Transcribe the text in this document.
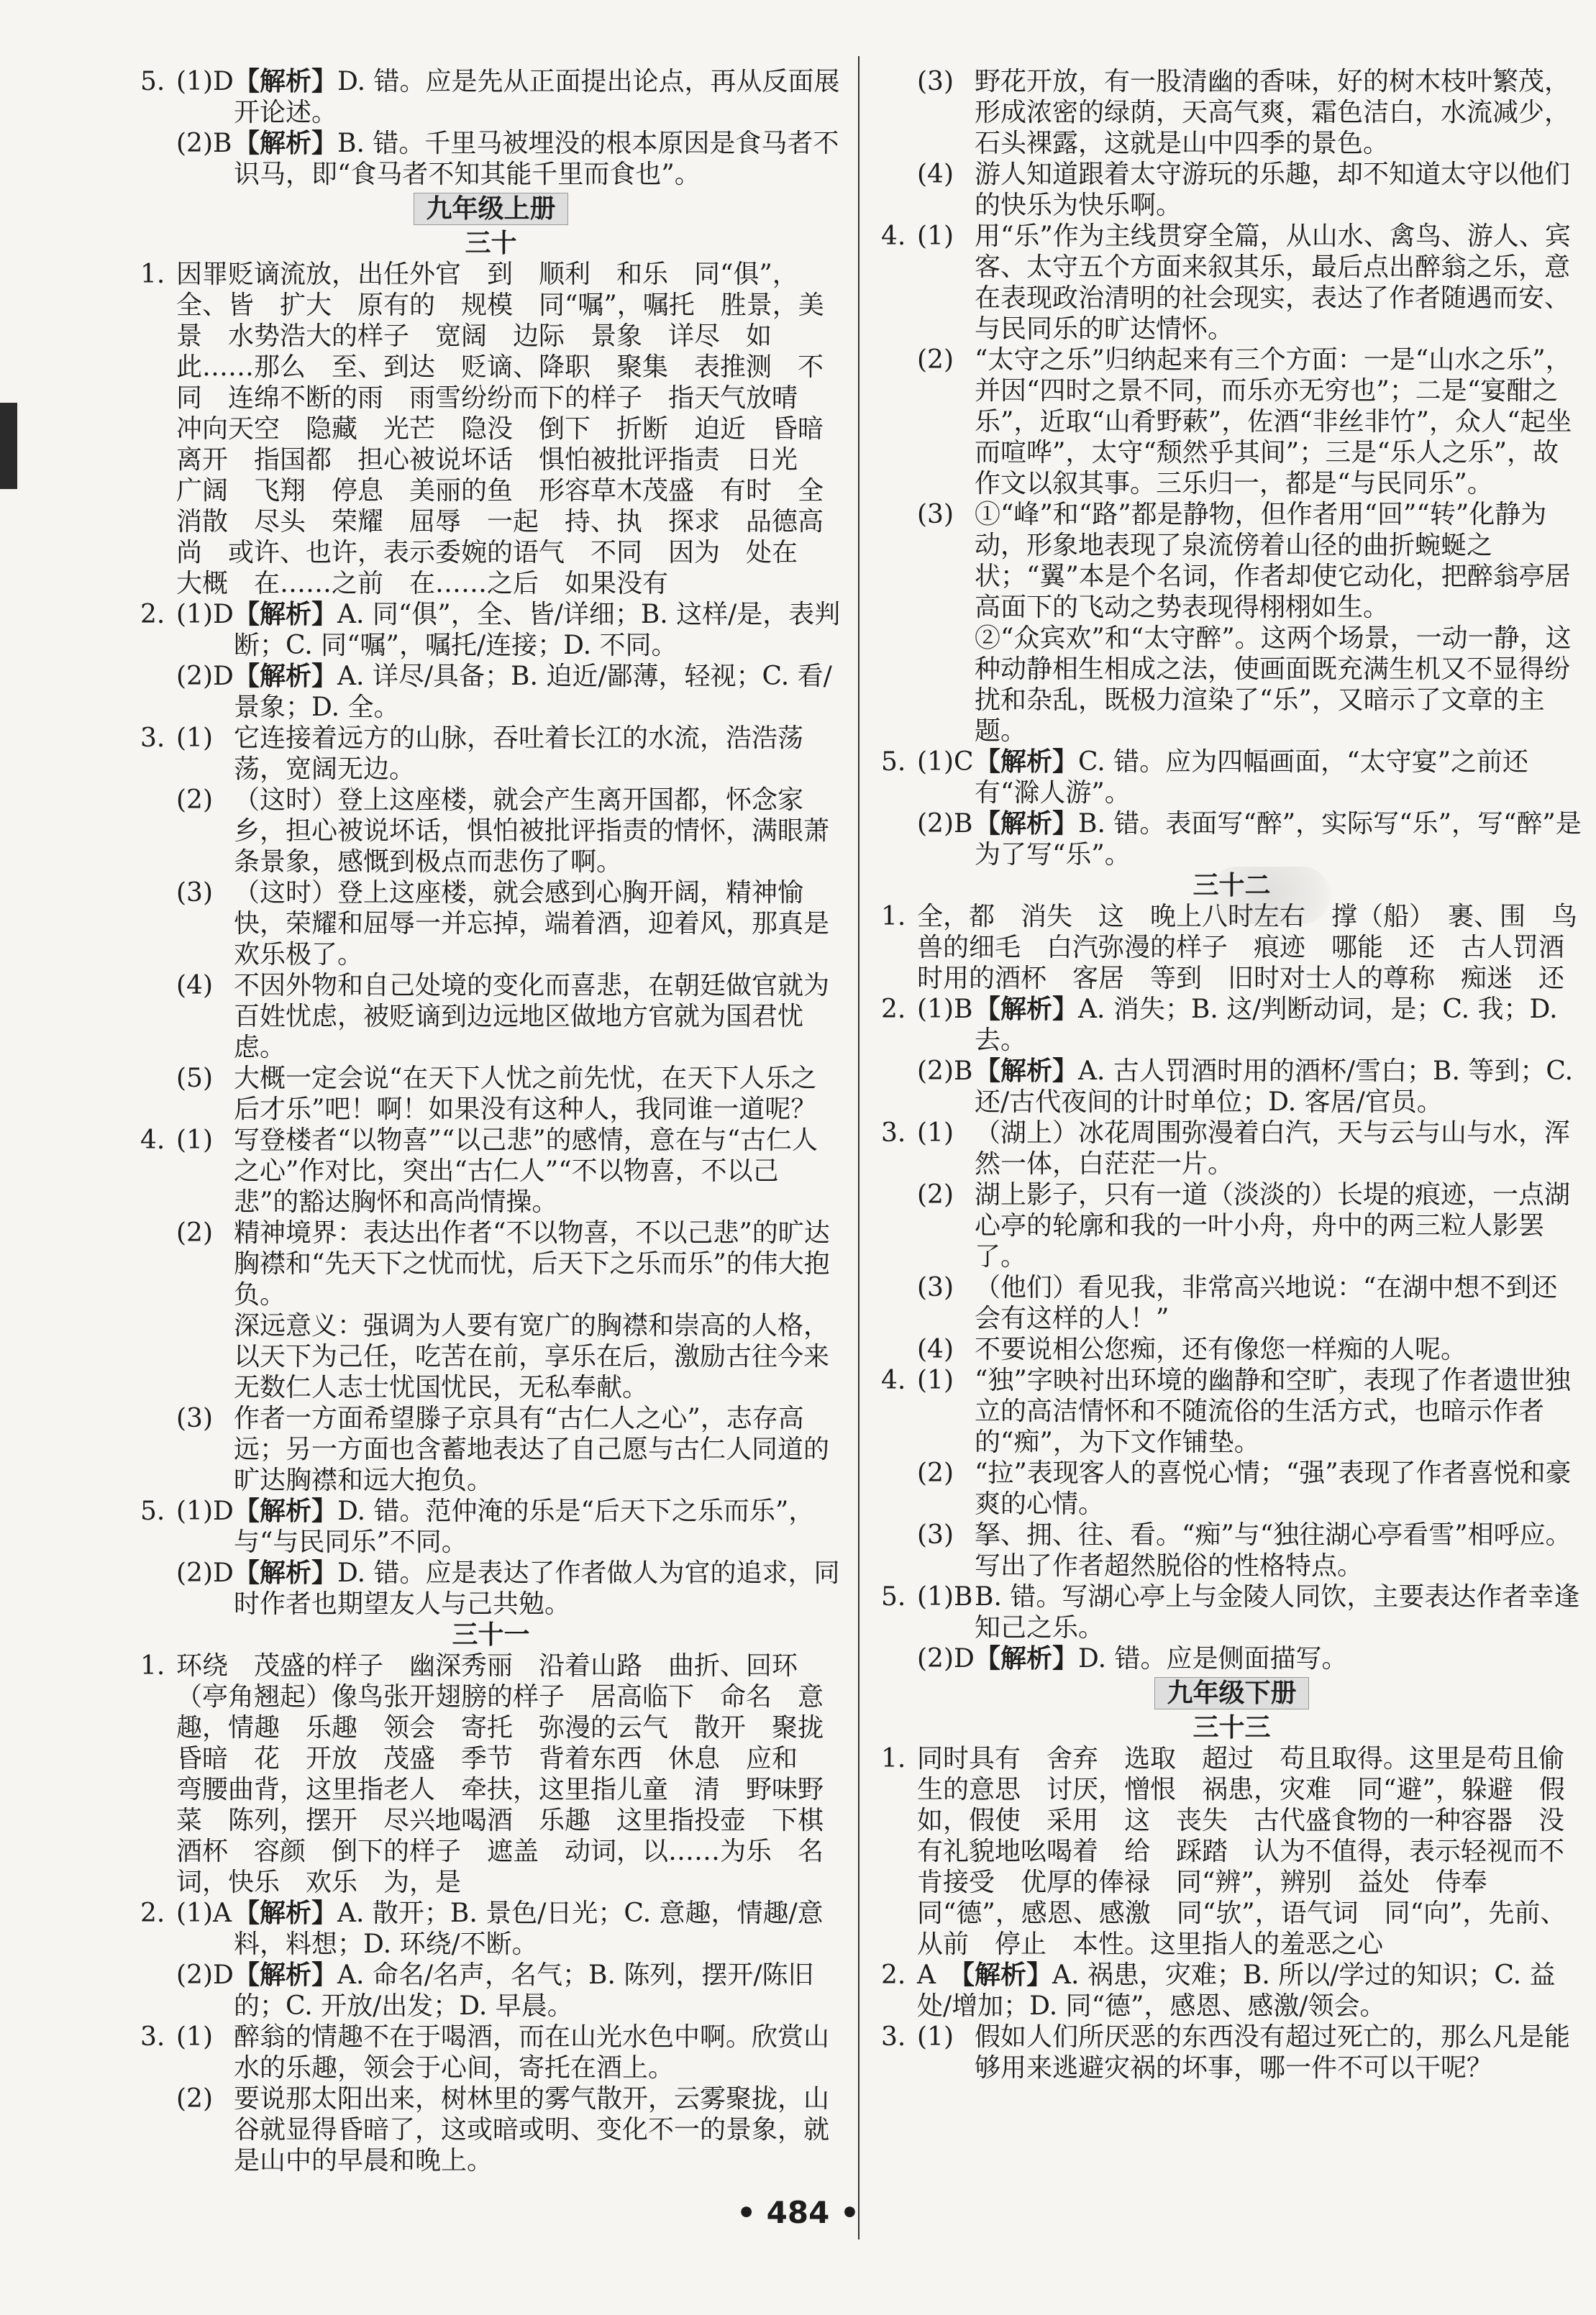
5. (1)D 【解析】D. 错。应是先从正面提出论点，再从反面展开论述。
(2)B 【解析】B. 错。千里马被埋没的根本原因是食马者不识马，即“食马者不知其能千里而食也”。
九年级上册
三十
1. 因罪贬谪流放，出任外官　到　顺利　和乐　同“俱”，全、皆　扩大　原有的　规模　同“嘱”，嘱托　胜景，美景　水势浩大的样子　宽阔　边际　景象　详尽　如此……那么　至、到达　贬谪、降职　聚集　表推测　不同　连绵不断的雨　雨雪纷纷而下的样子　指天气放晴　冲向天空　隐藏　光芒　隐没　倒下　折断　迫近　昏暗　离开　指国都　担心被说坏话　惧怕被批评指责　日光　广阔　飞翔　停息　美丽的鱼　形容草木茂盛　有时　全　消散　尽头　荣耀　屈辱　一起　持、执　探求　品德高尚　或许、也许，表示委婉的语气　不同　因为　处在　大概　在……之前　在……之后　如果没有
2. (1)D 【解析】A. 同“俱”，全、皆/详细；B. 这样/是，表判断；C. 同“嘱”，嘱托/连接；D. 不同。
(2)D 【解析】A. 详尽/具备；B. 迫近/鄙薄，轻视；C. 看/景象；D. 全。
3. (1) 它连接着远方的山脉，吞吐着长江的水流，浩浩荡荡，宽阔无边。
(2) （这时）登上这座楼，就会产生离开国都，怀念家乡，担心被说坏话，惧怕被批评指责的情怀，满眼萧条景象，感慨到极点而悲伤了啊。
(3) （这时）登上这座楼，就会感到心胸开阔，精神愉快，荣耀和屈辱一并忘掉，端着酒，迎着风，那真是欢乐极了。
(4) 不因外物和自己处境的变化而喜悲，在朝廷做官就为百姓忧虑，被贬谪到边远地区做地方官就为国君忧虑。
(5) 大概一定会说“在天下人忧之前先忧，在天下人乐之后才乐”吧！啊！如果没有这种人，我同谁一道呢？
4. (1) 写登楼者“以物喜”“以己悲”的感情，意在与“古仁人之心”作对比，突出“古仁人”“不以物喜，不以己悲”的豁达胸怀和高尚情操。
(2) 精神境界：表达出作者“不以物喜，不以己悲”的旷达胸襟和“先天下之忧而忧，后天下之乐而乐”的伟大抱负。
深远意义：强调为人要有宽广的胸襟和崇高的人格，以天下为己任，吃苦在前，享乐在后，激励古往今来无数仁人志士忧国忧民，无私奉献。
(3) 作者一方面希望滕子京具有“古仁人之心”，志存高远；另一方面也含蓄地表达了自己愿与古仁人同道的旷达胸襟和远大抱负。
5. (1)D 【解析】D. 错。范仲淹的乐是“后天下之乐而乐”，与“与民同乐”不同。
(2)D 【解析】D. 错。应是表达了作者做人为官的追求，同时作者也期望友人与己共勉。
三十一
1. 环绕　茂盛的样子　幽深秀丽　沿着山路　曲折、回环　（亭角翘起）像鸟张开翅膀的样子　居高临下　命名　意趣，情趣　乐趣　领会　寄托　弥漫的云气　散开　聚拢　昏暗　花　开放　茂盛　季节　背着东西　休息　应和　弯腰曲背，这里指老人　牵扶，这里指儿童　清　野味野菜　陈列，摆开　尽兴地喝酒　乐趣　这里指投壶　下棋　酒杯　容颜　倒下的样子　遮盖　动词，以……为乐　名词，快乐　欢乐　为，是
2. (1)A 【解析】A. 散开；B. 景色/日光；C. 意趣，情趣/意料，料想；D. 环绕/不断。
(2)D 【解析】A. 命名/名声，名气；B. 陈列，摆开/陈旧的；C. 开放/出发；D. 早晨。
3. (1) 醉翁的情趣不在于喝酒，而在山光水色中啊。欣赏山水的乐趣，领会于心间，寄托在酒上。
(2) 要说那太阳出来，树林里的雾气散开，云雾聚拢，山谷就显得昏暗了，这或暗或明、变化不一的景象，就是山中的早晨和晚上。
(3) 野花开放，有一股清幽的香味，好的树木枝叶繁茂，形成浓密的绿荫，天高气爽，霜色洁白，水流减少，石头裸露，这就是山中四季的景色。
(4) 游人知道跟着太守游玩的乐趣，却不知道太守以他们的快乐为快乐啊。
4. (1) 用“乐”作为主线贯穿全篇，从山水、禽鸟、游人、宾客、太守五个方面来叙其乐，最后点出醉翁之乐，意在表现政治清明的社会现实，表达了作者随遇而安、与民同乐的旷达情怀。
(2) “太守之乐”归纳起来有三个方面：一是“山水之乐”，并因“四时之景不同，而乐亦无穷也”；二是“宴酣之乐”，近取“山肴野蔌”，佐酒“非丝非竹”，众人“起坐而喧哗”，太守“颓然乎其间”；三是“乐人之乐”，故作文以叙其事。三乐归一，都是“与民同乐”。
(3) ①“峰”和“路”都是静物，但作者用“回”“转”化静为动，形象地表现了泉流傍着山径的曲折蜿蜒之状；“翼”本是个名词，作者却使它动化，把醉翁亭居高面下的飞动之势表现得栩栩如生。
②“众宾欢”和“太守醉”。这两个场景，一动一静，这种动静相生相成之法，使画面既充满生机又不显得纷扰和杂乱，既极力渲染了“乐”，又暗示了文章的主题。
5. (1)C 【解析】C. 错。应为四幅画面，“太守宴”之前还有“滁人游”。
(2)B 【解析】B. 错。表面写“醉”，实际写“乐”，写“醉”是为了写“乐”。
三十二
1. 全，都　消失　这　晚上八时左右　撑（船）　裹、围　鸟兽的细毛　白汽弥漫的样子　痕迹　哪能　还　古人罚酒时用的酒杯　客居　等到　旧时对士人的尊称　痴迷　还
2. (1)B 【解析】A. 消失；B. 这/判断动词，是；C. 我；D. 去。
(2)B 【解析】A. 古人罚酒时用的酒杯/雪白；B. 等到；C. 还/古代夜间的计时单位；D. 客居/官员。
3. (1) （湖上）冰花周围弥漫着白汽，天与云与山与水，浑然一体，白茫茫一片。
(2) 湖上影子，只有一道（淡淡的）长堤的痕迹，一点湖心亭的轮廓和我的一叶小舟，舟中的两三粒人影罢了。
(3) （他们）看见我，非常高兴地说：“在湖中想不到还会有这样的人！”
(4) 不要说相公您痴，还有像您一样痴的人呢。
4. (1) “独”字映衬出环境的幽静和空旷，表现了作者遗世独立的高洁情怀和不随流俗的生活方式，也暗示作者的“痴”，为下文作铺垫。
(2) “拉”表现客人的喜悦心情；“强”表现了作者喜悦和豪爽的心情。
(3) 拏、拥、往、看。“痴”与“独往湖心亭看雪”相呼应。写出了作者超然脱俗的性格特点。
5. (1)B B. 错。写湖心亭上与金陵人同饮，主要表达作者幸逢知己之乐。
(2)D 【解析】D. 错。应是侧面描写。
九年级下册
三十三
1. 同时具有　舍弃　选取　超过　苟且取得。这里是苟且偷生的意思　讨厌，憎恨　祸患，灾难　同“避”，躲避　假如，假使　采用　这　丧失　古代盛食物的一种容器　没有礼貌地吆喝着　给　踩踏　认为不值得，表示轻视而不肯接受　优厚的俸禄　同“辨”，辨别　益处　侍奉　同“德”，感恩、感激　同“欤”，语气词　同“向”，先前、从前　停止　本性。这里指人的羞恶之心
2. A　【解析】A. 祸患，灾难；B. 所以/学过的知识；C. 益处/增加；D. 同“德”，感恩、感激/领会。
3. (1) 假如人们所厌恶的东西没有超过死亡的，那么凡是能够用来逃避灾祸的坏事，哪一件不可以干呢？
• 484 •
